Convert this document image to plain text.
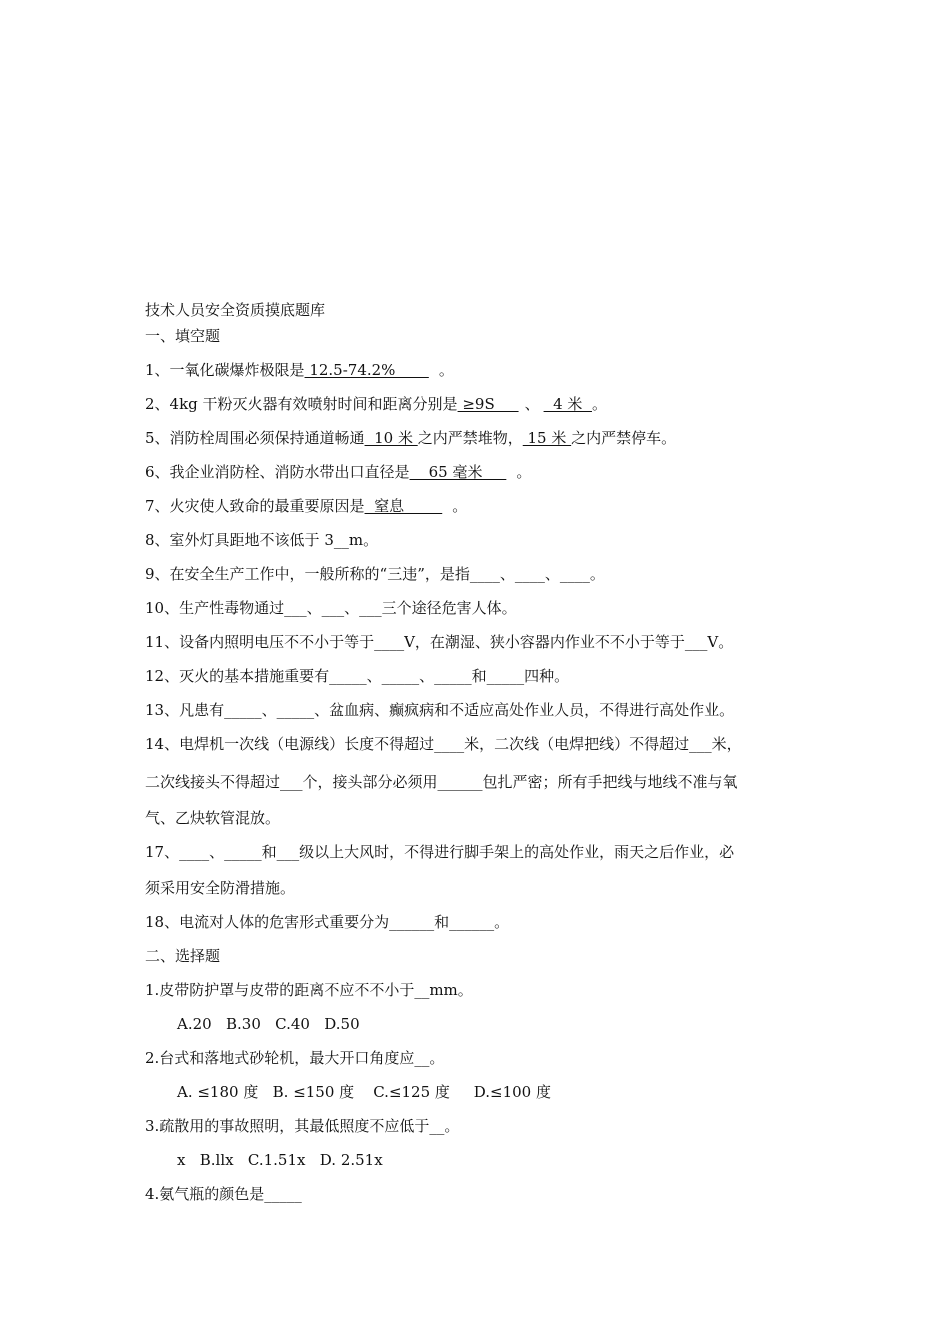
技术人员安全资质摸底题库
一、填空题
1、一氧化碳爆炸极限是 12.5-74.2%       。
2、4kg 干粉灭火器有效喷射时间和距离分别是 ≥9S     、  4 米  。
5、消防栓周围必须保持通道畅通  10 米 之内严禁堆物， 15 米 之内严禁停车。
6、我企业消防栓、消防水带出口直径是    65 毫米     。
7、火灾使人致命的最重要原因是  窒息        。
8、室外灯具距地不该低于 3__m。
9、在安全生产工作中，一般所称的“三违”，是指____、____、____。
10、生产性毒物通过___、___、___三个途径危害人体。
11、设备内照明电压不不小于等于____V，在潮湿、狭小容器内作业不不小于等于___V。
12、灭火的基本措施重要有_____、_____、_____和_____四种。
13、凡患有_____、_____、盆血病、癫疯病和不适应高处作业人员，不得进行高处作业。
14、电焊机一次线（电源线）长度不得超过____米，二次线（电焊把线）不得超过___米，
二次线接头不得超过___个，接头部分必须用______包扎严密；所有手把线与地线不准与氧
气、乙炔软管混放。
17、____、_____和___级以上大风时，不得进行脚手架上的高处作业，雨天之后作业，必
须采用安全防滑措施。
18、电流对人体的危害形式重要分为______和______。
二、选择题
1.皮带防护罩与皮带的距离不应不不小于__mm。
A.20   B.30   C.40   D.50
2.台式和落地式砂轮机，最大开口角度应__。
A. ≤180 度   B. ≤150 度    C.≤125 度     D.≤100 度
3.疏散用的事故照明，其最低照度不应低于__。
x   B.llx   C.1.51x   D. 2.51x
4.氨气瓶的颜色是_____
